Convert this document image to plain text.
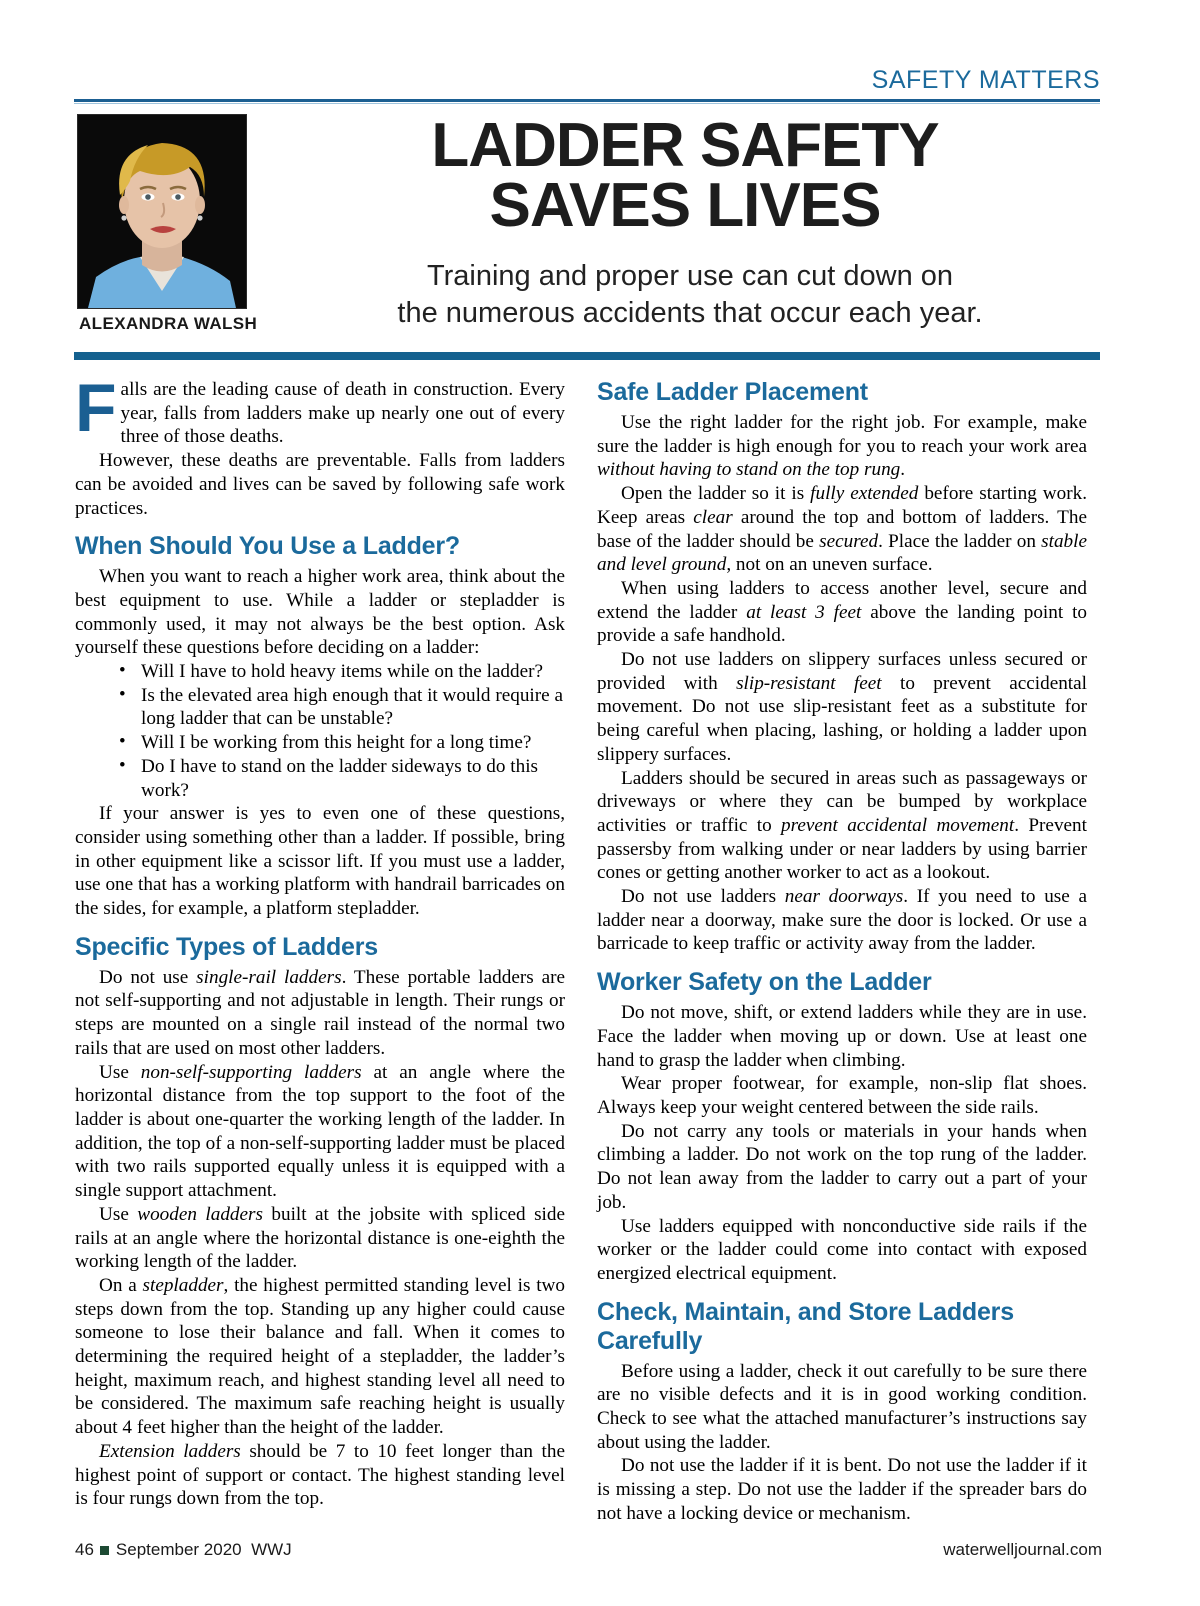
SAFETY MATTERS
ALEXANDRA WALSH
LADDER SAFETY
SAVES LIVES
Training and proper use can cut down on
the numerous accidents that occur each year.
F alls are the leading cause of death in construction. Every year, falls from ladders make up nearly one out of every three of those deaths.

However, these deaths are preventable. Falls from ladders can be avoided and lives can be saved by following safe work practices.

When Should You Use a Ladder?

When you want to reach a higher work area, think about the best equipment to use. While a ladder or stepladder is commonly used, it may not always be the best option. Ask yourself these questions before deciding on a ladder:

• Will I have to hold heavy items while on the ladder?
• Is the elevated area high enough that it would require a long ladder that can be unstable?
• Will I be working from this height for a long time?
• Do I have to stand on the ladder sideways to do this work?

If your answer is yes to even one of these questions, consider using something other than a ladder. If possible, bring in other equipment like a scissor lift. If you must use a ladder, use one that has a working platform with handrail barricades on the sides, for example, a platform stepladder.

Specific Types of Ladders

Do not use single-rail ladders. These portable ladders are not self-supporting and not adjustable in length. Their rungs or steps are mounted on a single rail instead of the normal two rails that are used on most other ladders.

Use non-self-supporting ladders at an angle where the horizontal distance from the top support to the foot of the ladder is about one-quarter the working length of the ladder. In addition, the top of a non-self-supporting ladder must be placed with two rails supported equally unless it is equipped with a single support attachment.

Use wooden ladders built at the jobsite with spliced side rails at an angle where the horizontal distance is one-eighth the working length of the ladder.

On a stepladder, the highest permitted standing level is two steps down from the top. Standing up any higher could cause someone to lose their balance and fall. When it comes to determining the required height of a stepladder, the ladder’s height, maximum reach, and highest standing level all need to be considered. The maximum safe reaching height is usually about 4 feet higher than the height of the ladder.

Extension ladders should be 7 to 10 feet longer than the highest point of support or contact. The highest standing level is four rungs down from the top.

Safe Ladder Placement

Use the right ladder for the right job. For example, make sure the ladder is high enough for you to reach your work area without having to stand on the top rung.

Open the ladder so it is fully extended before starting work. Keep areas clear around the top and bottom of ladders. The base of the ladder should be secured. Place the ladder on stable and level ground, not on an uneven surface.

When using ladders to access another level, secure and extend the ladder at least 3 feet above the landing point to provide a safe handhold.

Do not use ladders on slippery surfaces unless secured or provided with slip-resistant feet to prevent accidental movement. Do not use slip-resistant feet as a substitute for being careful when placing, lashing, or holding a ladder upon slippery surfaces.

Ladders should be secured in areas such as passageways or driveways or where they can be bumped by workplace activities or traffic to prevent accidental movement. Prevent passersby from walking under or near ladders by using barrier cones or getting another worker to act as a lookout.

Do not use ladders near doorways. If you need to use a ladder near a doorway, make sure the door is locked. Or use a barricade to keep traffic or activity away from the ladder.

Worker Safety on the Ladder

Do not move, shift, or extend ladders while they are in use. Face the ladder when moving up or down. Use at least one hand to grasp the ladder when climbing.

Wear proper footwear, for example, non-slip flat shoes. Always keep your weight centered between the side rails.

Do not carry any tools or materials in your hands when climbing a ladder. Do not work on the top rung of the ladder. Do not lean away from the ladder to carry out a part of your job.

Use ladders equipped with nonconductive side rails if the worker or the ladder could come into contact with exposed energized electrical equipment.

Check, Maintain, and Store Ladders Carefully

Before using a ladder, check it out carefully to be sure there are no visible defects and it is in good working condition. Check to see what the attached manufacturer’s instructions say about using the ladder.

Do not use the ladder if it is bent. Do not use the ladder if it is missing a step. Do not use the ladder if the spreader bars do not have a locking device or mechanism.

46 September 2020 WWJ	waterwelljournal.com
